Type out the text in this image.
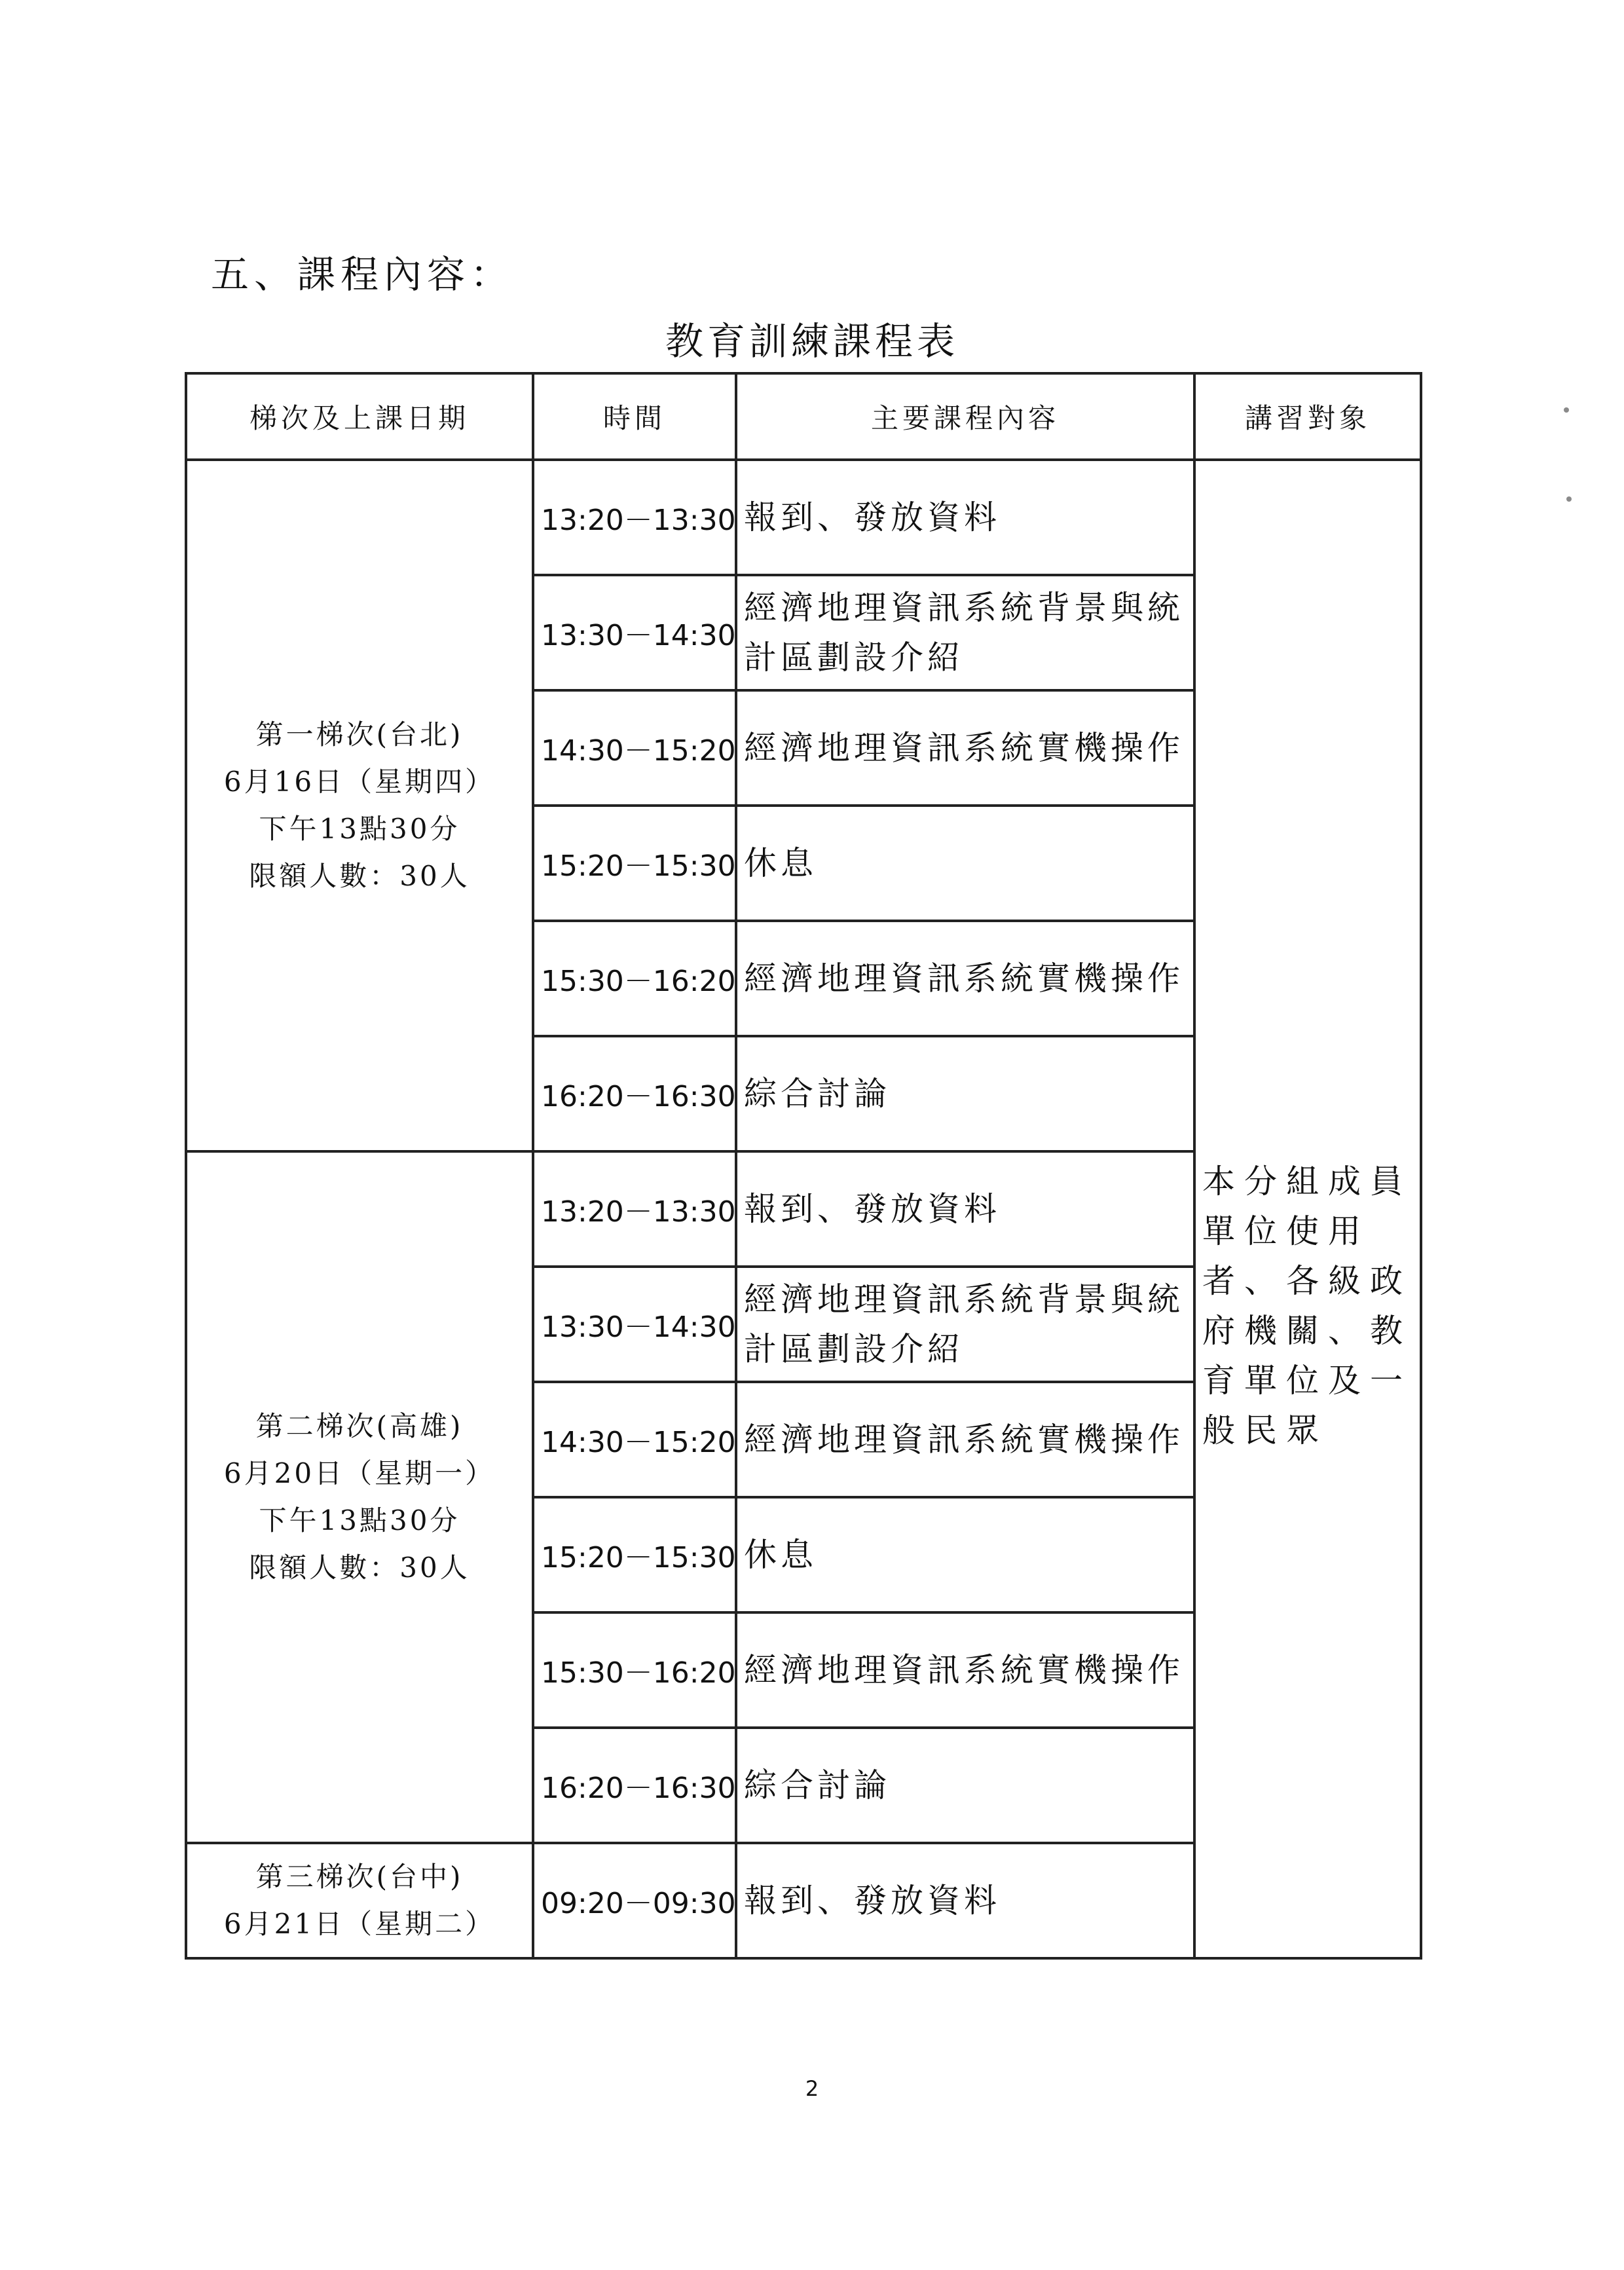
五、課程內容：
教育訓練課程表
梯次及上課日期	時間	主要課程內容	講習對象

第一梯次(台北)
6月16日（星期四）
下午13點30分
限額人數：30人	13:20－13:30	報到、發放資料	本分組成員單位使用者、各級政府機關、教育單位及一般民眾

	13:30－14:30	經濟地理資訊系統背景與統計區劃設介紹	
	14:30－15:20	經濟地理資訊系統實機操作	
	15:20－15:30	休息	
	15:30－16:20	經濟地理資訊系統實機操作	
	16:20－16:30	綜合討論	

第二梯次(高雄)
6月20日（星期一）
下午13點30分
限額人數：30人	13:20－13:30	報到、發放資料	
	13:30－14:30	經濟地理資訊系統背景與統計區劃設介紹	
	14:30－15:20	經濟地理資訊系統實機操作	
	15:20－15:30	休息	
	15:30－16:20	經濟地理資訊系統實機操作	
	16:20－16:30	綜合討論	

第三梯次(台中)
6月21日（星期二）	09:20－09:30	報到、發放資料	
2
